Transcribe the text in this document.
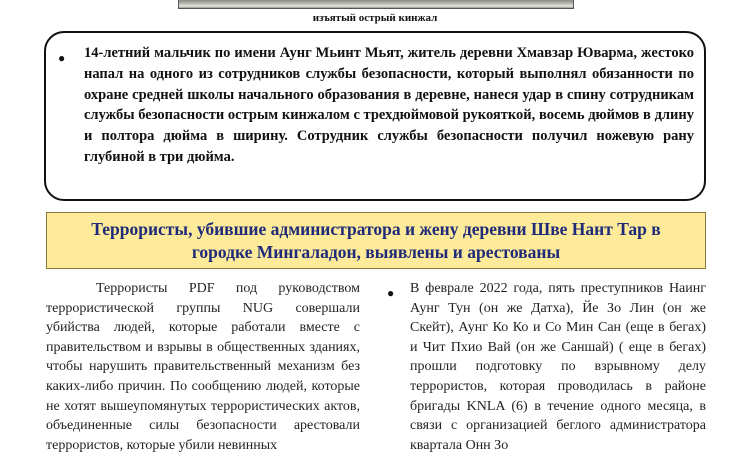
изъятый острый кинжал
● 14-летний мальчик по имени Аунг Мьинт Мьят, житель деревни Хмавзар Юварма, жестоко напал на одного из сотрудников службы безопасности, который выполнял обязанности по охране средней школы начального образования в деревне, нанеся удар в спину сотрудникам службы безопасности острым кинжалом с трехдюймовой рукояткой, восемь дюймов в длину и полтора дюйма в ширину. Сотрудник службы безопасности получил ножевую рану глубиной в три дюйма.

Террористы, убившие администратора и жену деревни Шве Нант Тар в городке Мингаладон, выявлены и арестованы

Террористы PDF под руководством террористической группы NUG совершали убийства людей, которые работали вместе с правительством и взрывы в общественных зданиях, чтобы нарушить правительственный механизм без каких-либо причин. По сообщению людей, которые не хотят вышеупомянутых террористических актов, объединенные силы безопасности арестовали террористов, которые убили невинных

● В феврале 2022 года, пять преступников Наинг Аунг Тун (он же Датха), Йе Зо Лин (он же Скейт), Аунг Ко Ко и Со Мин Сан (еще в бегах) и Чит Пхио Вай (он же Саншай) ( еще в бегах) прошли подготовку по взрывному делу террористов, которая проводилась в районе бригады KNLA (6) в течение одного месяца, в связи с организацией беглого администратора квартала Онн Зо
